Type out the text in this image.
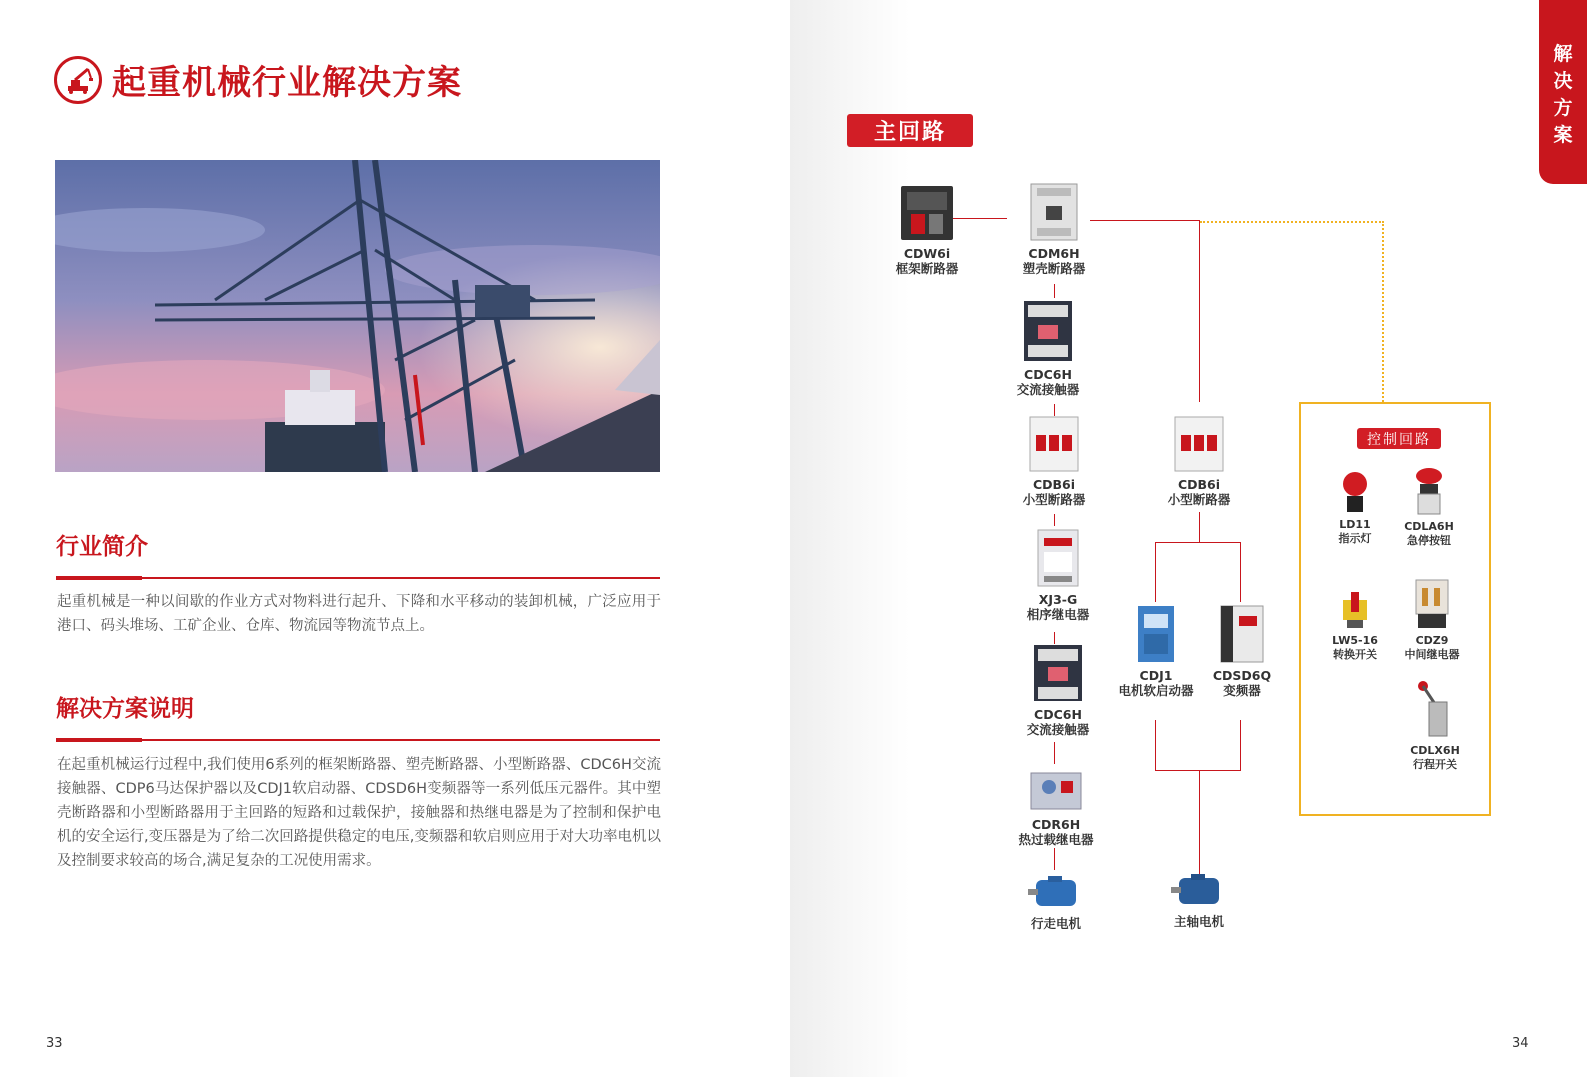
起重机械行业解决方案
行业简介
起重机械是一种以间歇的作业方式对物料进行起升、下降和水平移动的装卸机械，广泛应用于港口、码头堆场、工矿企业、仓库、物流园等物流节点上。
解决方案说明
在起重机械运行过程中,我们使用6系列的框架断路器、塑壳断路器、小型断路器、CDC6H交流接触器、CDP6马达保护器以及CDJ1软启动器、CDSD6H变频器等一系列低压元器件。其中塑壳断路器和小型断路器用于主回路的短路和过载保护，接触器和热继电器是为了控制和保护电机的安全运行,变压器是为了给二次回路提供稳定的电压,变频器和软启则应用于对大功率电机以及控制要求较高的场合,满足复杂的工况使用需求。
33
解
决
方
案
主回路
CDW6i
框架断路器
CDM6H
塑壳断路器
CDC6H
交流接触器
CDB6i
小型断路器
CDB6i
小型断路器
XJ3-G
相序继电器
CDC6H
交流接触器
CDR6H
热过载继电器
行走电机
CDJ1
电机软启动器
CDSD6Q
变频器
主轴电机
控制回路
LD11
指示灯
CDLA6H
急停按钮
LW5-16
转换开关
CDZ9
中间继电器
CDLX6H
行程开关
34
